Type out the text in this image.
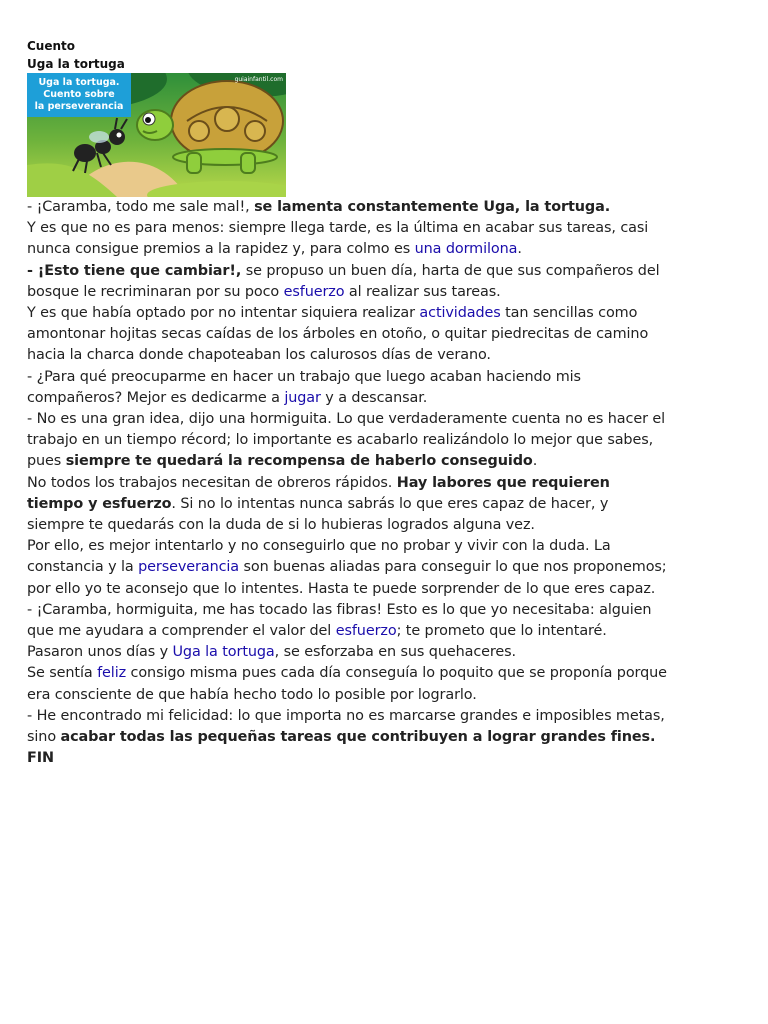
Cuento
Uga la tortuga
Uga la tortuga.
Cuento sobre
la perseverancia
guiainfantil.com

- ¡Caramba, todo me sale mal!, se lamenta constantemente Uga, la tortuga.

Y es que no es para menos: siempre llega tarde, es la última en acabar sus tareas, casi nunca consigue premios a la rapidez y, para colmo es una dormilona.

- ¡Esto tiene que cambiar!, se propuso un buen día, harta de que sus compañeros del bosque le recriminaran por su poco esfuerzo al realizar sus tareas.

Y es que había optado por no intentar siquiera realizar actividades tan sencillas como amontonar hojitas secas caídas de los árboles en otoño, o quitar piedrecitas de camino hacia la charca donde chapoteaban los calurosos días de verano.

- ¿Para qué preocuparme en hacer un trabajo que luego acaban haciendo mis compañeros? Mejor es dedicarme a jugar y a descansar.

- No es una gran idea, dijo una hormiguita. Lo que verdaderamente cuenta no es hacer el trabajo en un tiempo récord; lo importante es acabarlo realizándolo lo mejor que sabes, pues siempre te quedará la recompensa de haberlo conseguido.

No todos los trabajos necesitan de obreros rápidos. Hay labores que requieren tiempo y esfuerzo. Si no lo intentas nunca sabrás lo que eres capaz de hacer, y siempre te quedarás con la duda de si lo hubieras logrados alguna vez.

Por ello, es mejor intentarlo y no conseguirlo que no probar y vivir con la duda. La constancia y la perseverancia son buenas aliadas para conseguir lo que nos proponemos; por ello yo te aconsejo que lo intentes. Hasta te puede sorprender de lo que eres capaz.

- ¡Caramba, hormiguita, me has tocado las fibras! Esto es lo que yo necesitaba: alguien que me ayudara a comprender el valor del esfuerzo; te prometo que lo intentaré.

Pasaron unos días y Uga la tortuga, se esforzaba en sus quehaceres.

Se sentía feliz consigo misma pues cada día conseguía lo poquito que se proponía porque era consciente de que había hecho todo lo posible por lograrlo.

- He encontrado mi felicidad: lo que importa no es marcarse grandes e imposibles metas, sino acabar todas las pequeñas tareas que contribuyen a lograr grandes fines.

FIN
